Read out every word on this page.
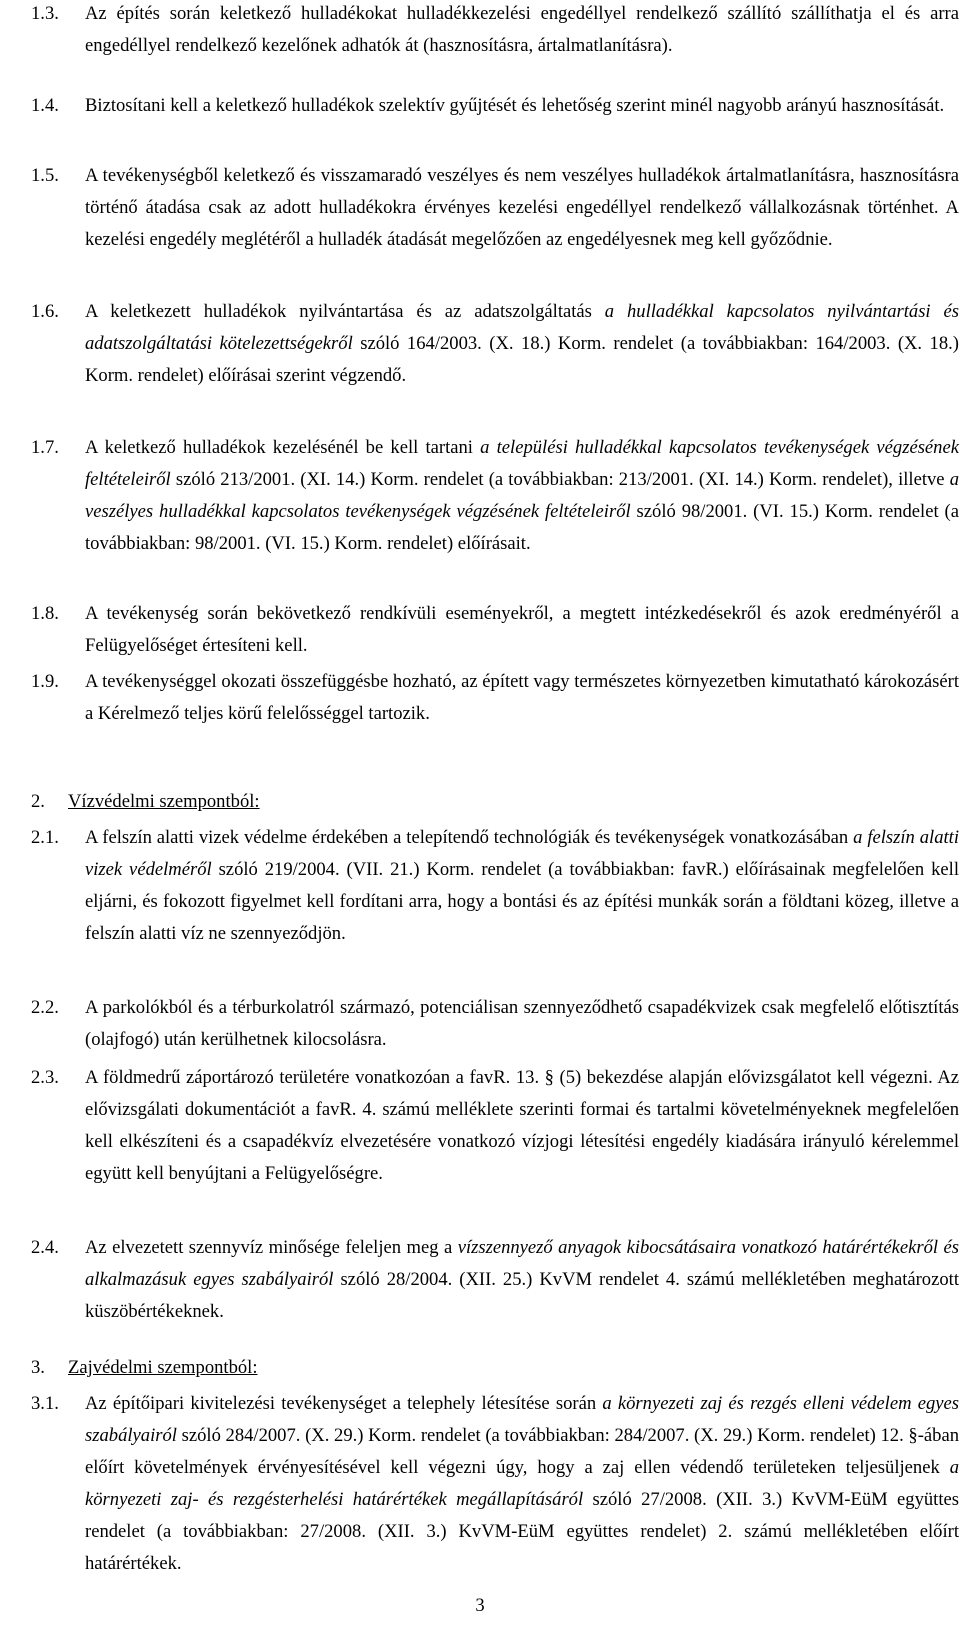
1.3.	Az építés során keletkező hulladékokat hulladékkezelési engedéllyel rendelkező szállító szállíthatja el és arra engedéllyel rendelkező kezelőnek adhatók át (hasznosításra, ártalmatlanításra).
1.4.	Biztosítani kell a keletkező hulladékok szelektív gyűjtését és lehetőség szerint minél nagyobb arányú hasznosítását.
1.5.	A tevékenységből keletkező és visszamaradó veszélyes és nem veszélyes hulladékok ártalmatlanításra, hasznosításra történő átadása csak az adott hulladékokra érvényes kezelési engedéllyel rendelkező vállalkozásnak történhet. A kezelési engedély meglétéről a hulladék átadását megelőzően az engedélyesnek meg kell győződnie.
1.6.	A keletkezett hulladékok nyilvántartása és az adatszolgáltatás a hulladékkal kapcsolatos nyilvántartási és adatszolgáltatási kötelezettségekről szóló 164/2003. (X. 18.) Korm. rendelet (a továbbiakban: 164/2003. (X. 18.) Korm. rendelet) előírásai szerint végzendő.
1.7.	A keletkező hulladékok kezelésénél be kell tartani a települési hulladékkal kapcsolatos tevékenységek végzésének feltételeiről szóló 213/2001. (XI. 14.) Korm. rendelet (a továbbiakban: 213/2001. (XI. 14.) Korm. rendelet), illetve a veszélyes hulladékkal kapcsolatos tevékenységek végzésének feltételeiről szóló 98/2001. (VI. 15.) Korm. rendelet (a továbbiakban: 98/2001. (VI. 15.) Korm. rendelet) előírásait.
1.8.	A tevékenység során bekövetkező rendkívüli eseményekről, a megtett intézkedésekről és azok eredményéről a Felügyelőséget értesíteni kell.
1.9.	A tevékenységgel okozati összefüggésbe hozható, az épített vagy természetes környezetben kimutatható károkozásért a Kérelmező teljes körű felelősséggel tartozik.
2.	Vízvédelmi szempontból:
2.1.	A felszín alatti vizek védelme érdekében a telepítendő technológiák és tevékenységek vonatkozásában a felszín alatti vizek védelméről szóló 219/2004. (VII. 21.) Korm. rendelet (a továbbiakban: favR.) előírásainak megfelelően kell eljárni, és fokozott figyelmet kell fordítani arra, hogy a bontási és az építési munkák során a földtani közeg, illetve a felszín alatti víz ne szennyeződjön.
2.2.	A parkolókból és a térburkolatról származó, potenciálisan szennyeződhető csapadékvizek csak megfelelő előtisztítás (olajfogó) után kerülhetnek kilocsolásra.
2.3.	A földmedrű záportározó területére vonatkozóan a favR. 13. § (5) bekezdése alapján elővizsgálatot kell végezni. Az elővizsgálati dokumentációt a favR. 4. számú melléklete szerinti formai és tartalmi követelményeknek megfelelően kell elkészíteni és a csapadékvíz elvezetésére vonatkozó vízjogi létesítési engedély kiadására irányuló kérelemmel együtt kell benyújtani a Felügyelőségre.
2.4.	Az elvezetett szennyvíz minősége feleljen meg a vízszennyező anyagok kibocsátásaira vonatkozó határértékekről és alkalmazásuk egyes szabályairól szóló 28/2004. (XII. 25.) KvVM rendelet 4. számú mellékletében meghatározott küszöbértékeknek.
3.	Zajvédelmi szempontból:
3.1.	Az építőipari kivitelezési tevékenységet a telephely létesítése során a környezeti zaj és rezgés elleni védelem egyes szabályairól szóló 284/2007. (X. 29.) Korm. rendelet (a továbbiakban: 284/2007. (X. 29.) Korm. rendelet) 12. §-ában előírt követelmények érvényesítésével kell végezni úgy, hogy a zaj ellen védendő területeken teljesüljenek a környezeti zaj- és rezgésterhelési határértékek megállapításáról szóló 27/2008. (XII. 3.) KvVM-EüM együttes rendelet (a továbbiakban: 27/2008. (XII. 3.) KvVM-EüM együttes rendelet) 2. számú mellékletében előírt határértékek.
3
